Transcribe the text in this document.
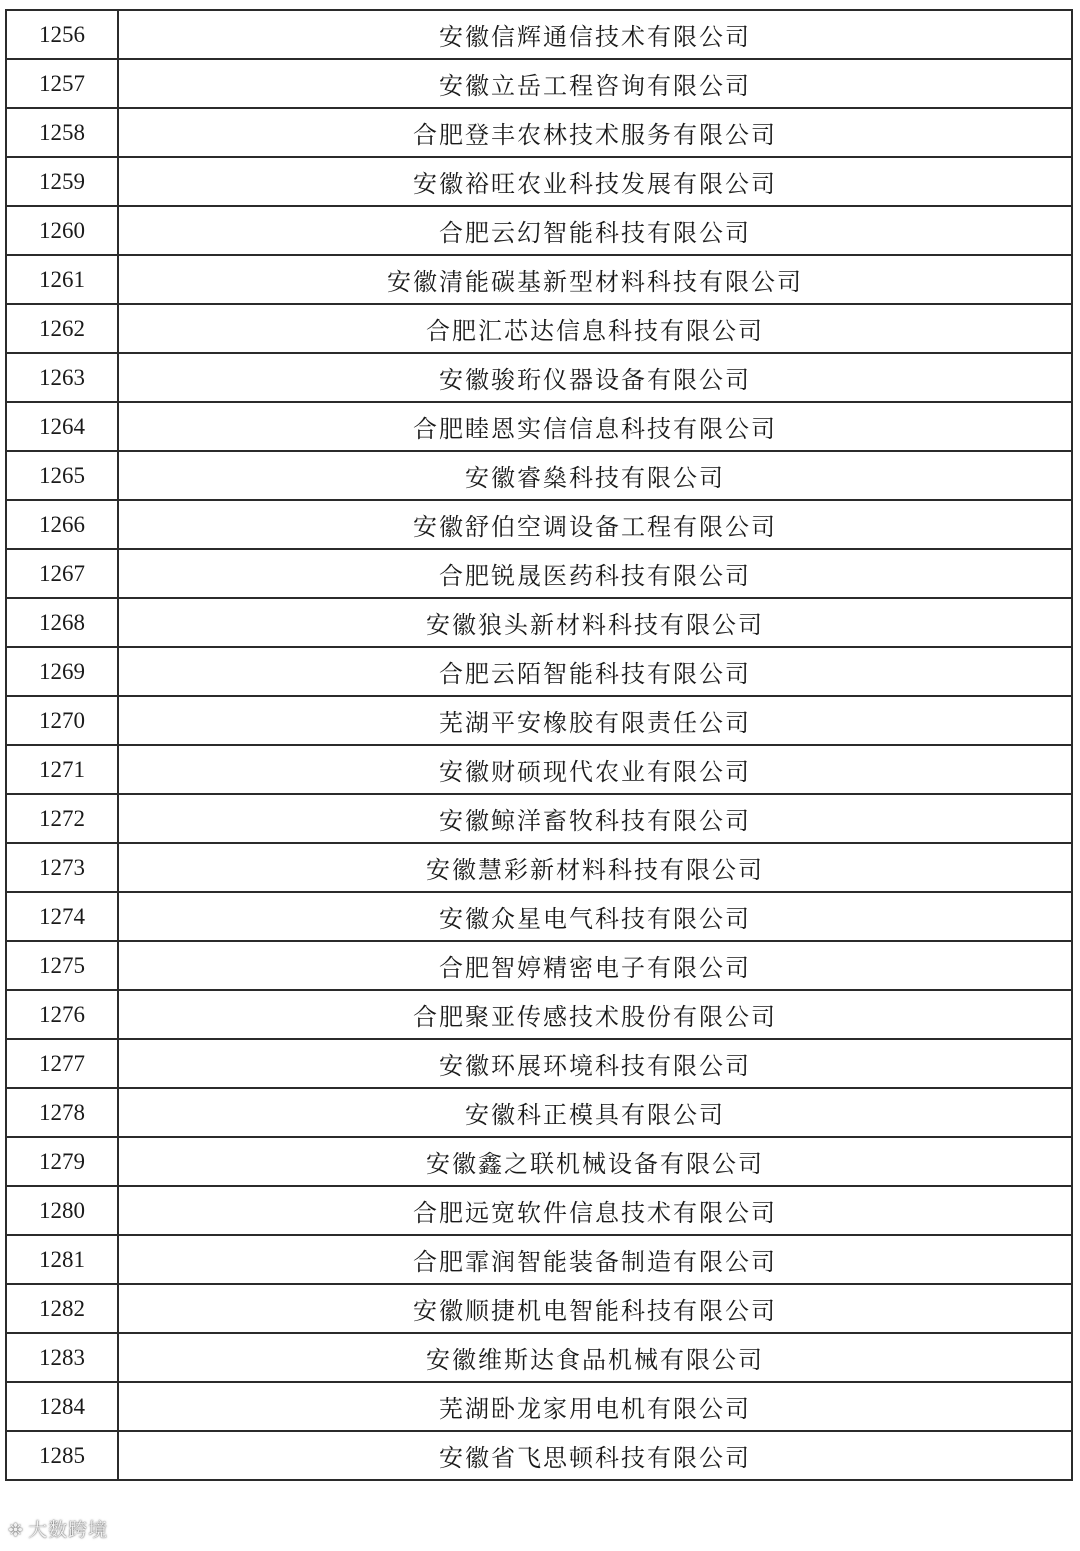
1256	安徽信辉通信技术有限公司
1257	安徽立岳工程咨询有限公司
1258	合肥登丰农林技术服务有限公司
1259	安徽裕旺农业科技发展有限公司
1260	合肥云幻智能科技有限公司
1261	安徽清能碳基新型材料科技有限公司
1262	合肥汇芯达信息科技有限公司
1263	安徽骏珩仪器设备有限公司
1264	合肥睦恩实信信息科技有限公司
1265	安徽睿燊科技有限公司
1266	安徽舒伯空调设备工程有限公司
1267	合肥锐晟医药科技有限公司
1268	安徽狼头新材料科技有限公司
1269	合肥云陌智能科技有限公司
1270	芜湖平安橡胶有限责任公司
1271	安徽财硕现代农业有限公司
1272	安徽鲸洋畜牧科技有限公司
1273	安徽慧彩新材料科技有限公司
1274	安徽众星电气科技有限公司
1275	合肥智婷精密电子有限公司
1276	合肥聚亚传感技术股份有限公司
1277	安徽环展环境科技有限公司
1278	安徽科正模具有限公司
1279	安徽鑫之联机械设备有限公司
1280	合肥远宽软件信息技术有限公司
1281	合肥霏润智能装备制造有限公司
1282	安徽顺捷机电智能科技有限公司
1283	安徽维斯达食品机械有限公司
1284	芜湖卧龙家用电机有限公司
1285	安徽省飞思顿科技有限公司
❉ 大数跨境
